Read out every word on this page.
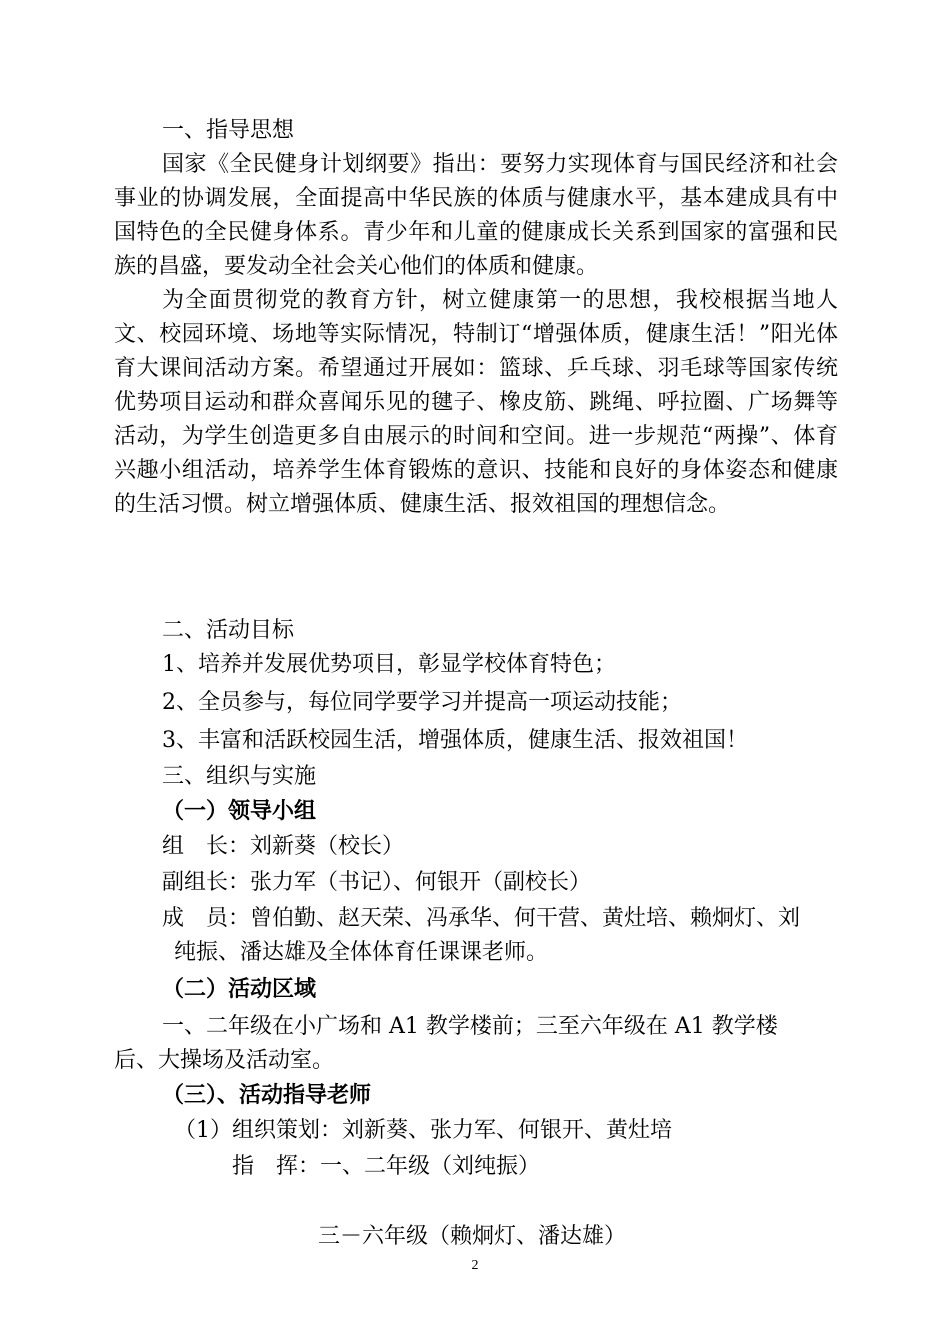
一、指导思想

国家《全民健身计划纲要》指出：要努力实现体育与国民经济和社会事业的协调发展，全面提高中华民族的体质与健康水平，基本建成具有中国特色的全民健身体系。青少年和儿童的健康成长关系到国家的富强和民族的昌盛，要发动全社会关心他们的体质和健康。

为全面贯彻党的教育方针，树立健康第一的思想，我校根据当地人文、校园环境、场地等实际情况，特制订“增强体质，健康生活！”阳光体育大课间活动方案。希望通过开展如：篮球、乒乓球、羽毛球等国家传统优势项目运动和群众喜闻乐见的毽子、橡皮筋、跳绳、呼拉圈、广场舞等活动，为学生创造更多自由展示的时间和空间。进一步规范“两操”、体育兴趣小组活动，培养学生体育锻炼的意识、技能和良好的身体姿态和健康的生活习惯。树立增强体质、健康生活、报效祖国的理想信念。

二、活动目标
1、培养并发展优势项目，彰显学校体育特色；
2、全员参与，每位同学要学习并提高一项运动技能；
3、丰富和活跃校园生活，增强体质，健康生活、报效祖国！
三、组织与实施
（一）领导小组
组　长：刘新葵（校长）
副组长：张力军（书记）、何银开（副校长）
成　员：曾伯勤、赵天荣、冯承华、何干营、黄灶培、赖炯灯、刘
纯振、潘达雄及全体体育任课课老师。
（二）活动区域
一、二年级在小广场和 A1 教学楼前；三至六年级在 A1 教学楼
后、大操场及活动室。
（三）、活动指导老师
（1）组织策划：刘新葵、张力军、何银开、黄灶培
指　挥：一、二年级（刘纯振）
三－六年级（赖炯灯、潘达雄）
2
